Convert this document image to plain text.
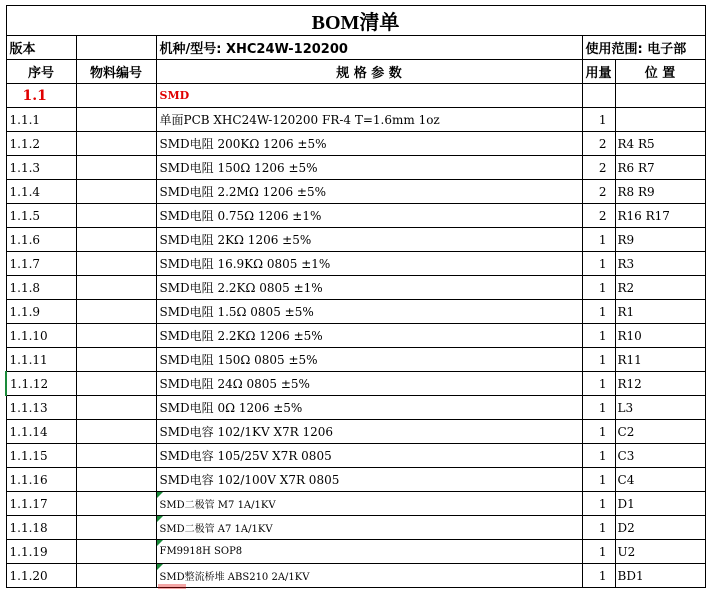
BOM清单				
版本		机种/型号: XHC24W-120200	使用范围: 电子部	
序号	物料编号	规 格 参 数	用量	位 置
1.1		SMD		
1.1.1		单面PCB XHC24W-120200 FR-4 T=1.6mm 1oz	1	
1.1.2		SMD电阻 200KΩ 1206 ±5%	2	R4 R5
1.1.3		SMD电阻 150Ω 1206 ±5%	2	R6 R7
1.1.4		SMD电阻 2.2MΩ 1206 ±5%	2	R8 R9
1.1.5		SMD电阻 0.75Ω 1206 ±1%	2	R16 R17
1.1.6		SMD电阻 2KΩ 1206 ±5%	1	R9
1.1.7		SMD电阻 16.9KΩ 0805 ±1%	1	R3
1.1.8		SMD电阻 2.2KΩ 0805 ±1%	1	R2
1.1.9		SMD电阻 1.5Ω 0805 ±5%	1	R1
1.1.10		SMD电阻 2.2KΩ 1206 ±5%	1	R10
1.1.11		SMD电阻 150Ω 0805 ±5%	1	R11
1.1.12		SMD电阻 24Ω 0805 ±5%	1	R12
1.1.13		SMD电阻 0Ω 1206 ±5%	1	L3
1.1.14		SMD电容 102/1KV X7R 1206	1	C2
1.1.15		SMD电容 105/25V X7R 0805	1	C3
1.1.16		SMD电容 102/100V X7R 0805	1	C4
1.1.17		SMD二极管 M7 1A/1KV	1	D1
1.1.18		SMD二极管 A7 1A/1KV	1	D2
1.1.19		FM9918H SOP8	1	U2
1.1.20		SMD整流桥堆 ABS210 2A/1KV	1	BD1
